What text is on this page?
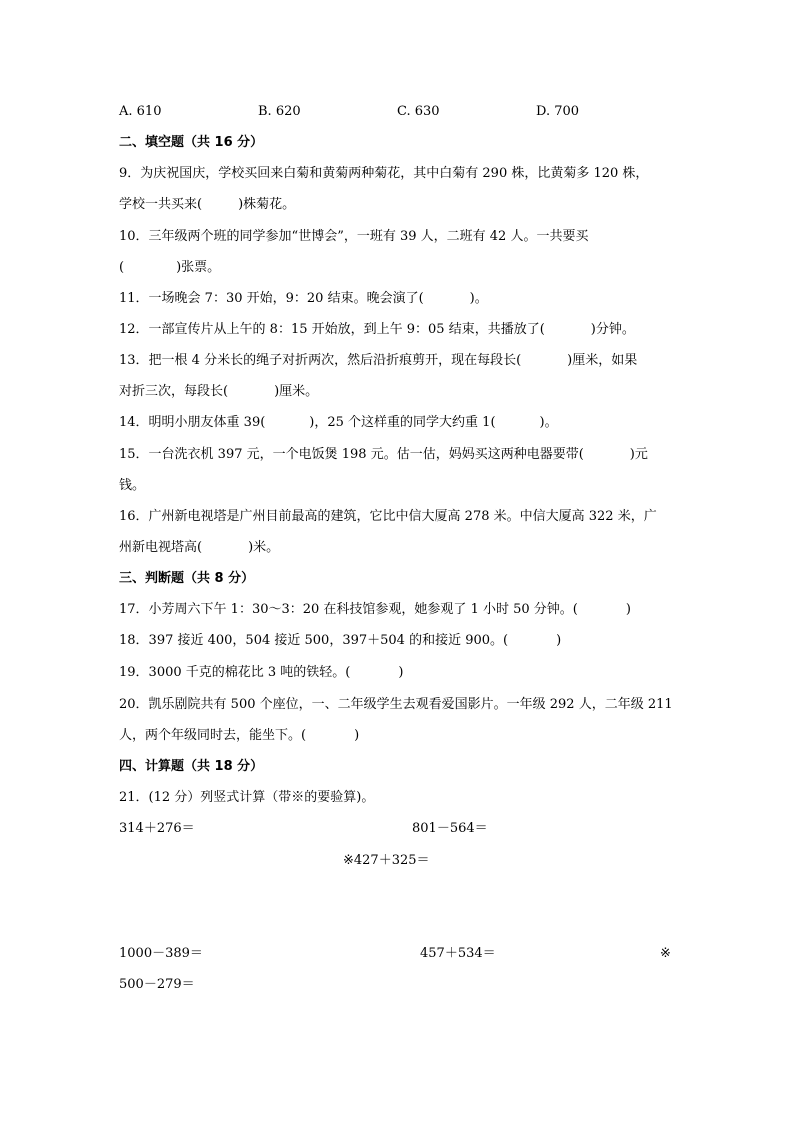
A. 610	B. 620	C. 630	D. 700
二、填空题（共 16 分）
9．为庆祝国庆，学校买回来白菊和黄菊两种菊花，其中白菊有 290 株，比黄菊多 120 株，
学校一共买来(	)株菊花。
10．三年级两个班的同学参加“世博会”，一班有 39 人，二班有 42 人。一共要买
(	)张票。
11．一场晚会 7：30 开始，9：20 结束。晚会演了(	)。
12．一部宣传片从上午的 8：15 开始放，到上午 9：05 结束，共播放了(	)分钟。
13．把一根 4 分米长的绳子对折两次，然后沿折痕剪开，现在每段长(	)厘米，如果
对折三次，每段长(	)厘米。
14．明明小朋友体重 39(	)，25 个这样重的同学大约重 1(	)。
15．一台洗衣机 397 元，一个电饭煲 198 元。估一估，妈妈买这两种电器要带(	)元
钱。
16．广州新电视塔是广州目前最高的建筑，它比中信大厦高 278 米。中信大厦高 322 米，广
州新电视塔高(	)米。
三、判断题（共 8 分）
17．小芳周六下午 1：30～3：20 在科技馆参观，她参观了 1 小时 50 分钟。(	)
18．397 接近 400，504 接近 500，397＋504 的和接近 900。(	)
19．3000 千克的棉花比 3 吨的铁轻。(	)
20．凯乐剧院共有 500 个座位，一、二年级学生去观看爱国影片。一年级 292 人，二年级 211
人，两个年级同时去，能坐下。(	)
四、计算题（共 18 分）
21．(12 分）列竖式计算（带※的要验算)。
314＋276＝	801－564＝
※427＋325＝
1000－389＝	457＋534＝	※
500－279＝
